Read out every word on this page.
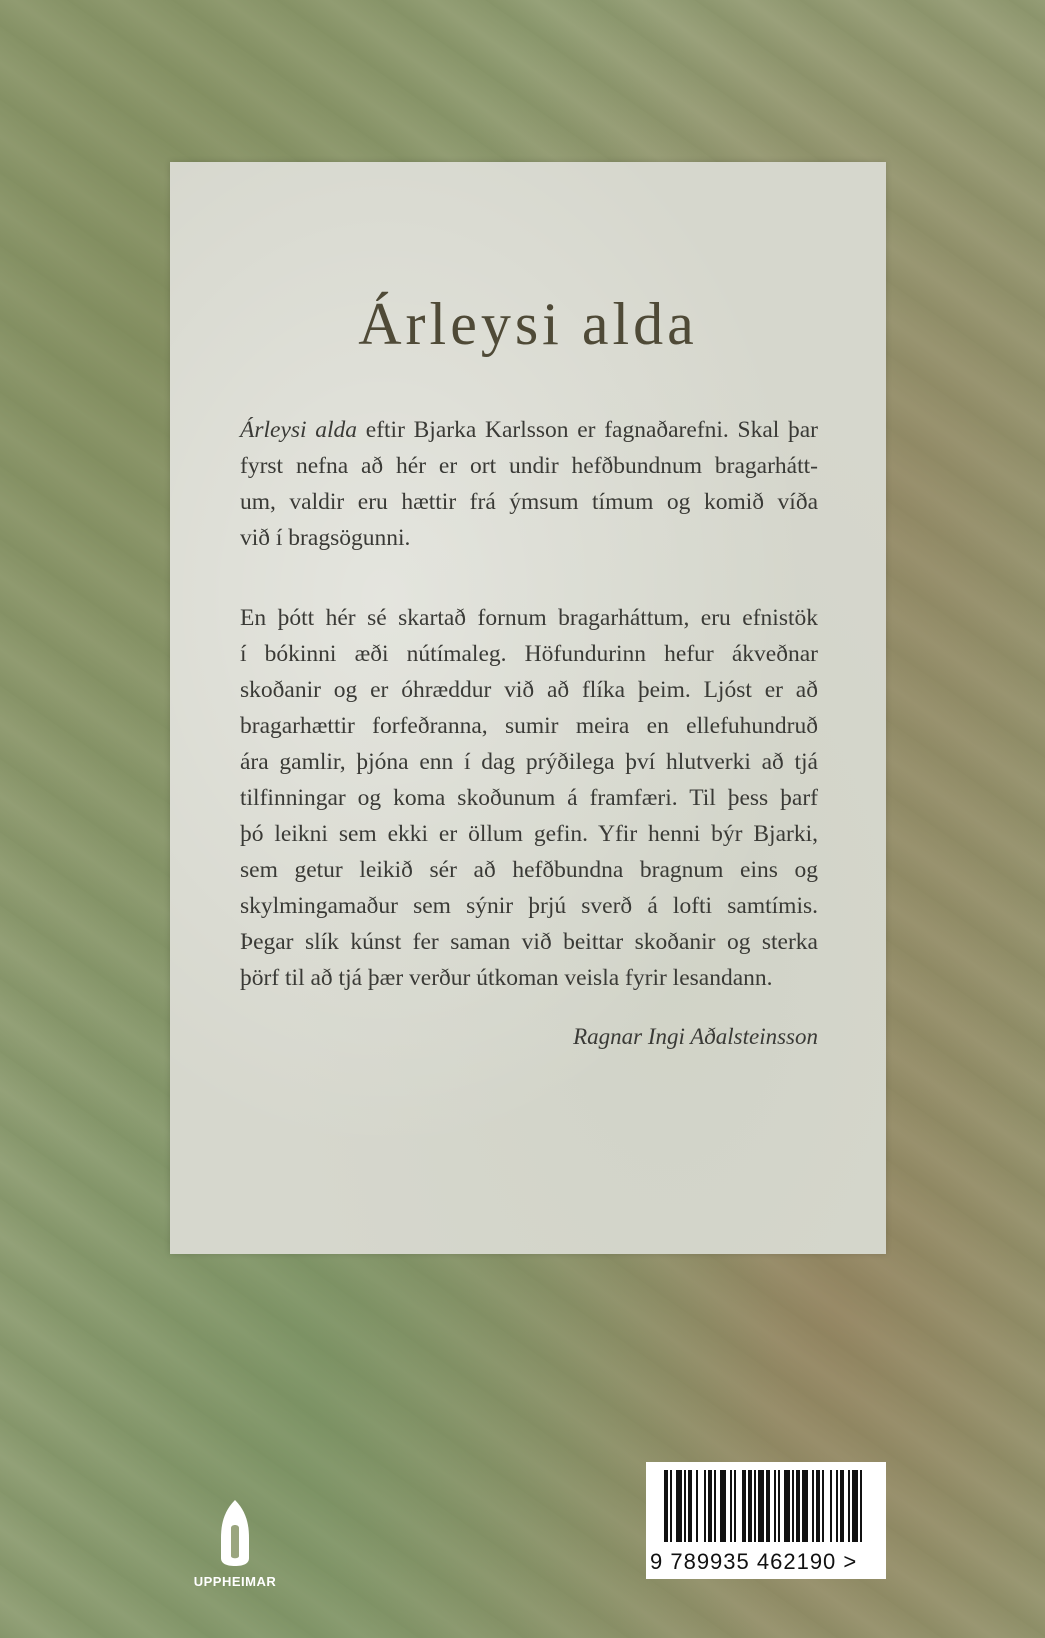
Árleysi alda
Árleysi alda eftir Bjarka Karlsson er fagnaðarefni. Skal þar
fyrst nefna að hér er ort undir hefðbundnum bragarhátt-
um, valdir eru hættir frá ýmsum tímum og komið víða
við í bragsögunni.
En þótt hér sé skartað fornum bragarháttum, eru efnistök
í bókinni æði nútímaleg. Höfundurinn hefur ákveðnar
skoðanir og er óhræddur við að flíka þeim. Ljóst er að
bragarhættir forfeðranna, sumir meira en ellefuhundruð
ára gamlir, þjóna enn í dag prýðilega því hlutverki að tjá
tilfinningar og koma skoðunum á framfæri. Til þess þarf
þó leikni sem ekki er öllum gefin. Yfir henni býr Bjarki,
sem getur leikið sér að hefðbundna bragnum eins og
skylmingamaður sem sýnir þrjú sverð á lofti samtímis.
Þegar slík kúnst fer saman við beittar skoðanir og sterka
þörf til að tjá þær verður útkoman veisla fyrir lesandann.
Ragnar Ingi Aðalsteinsson
UPPHEIMAR
9 789935 462190 >
